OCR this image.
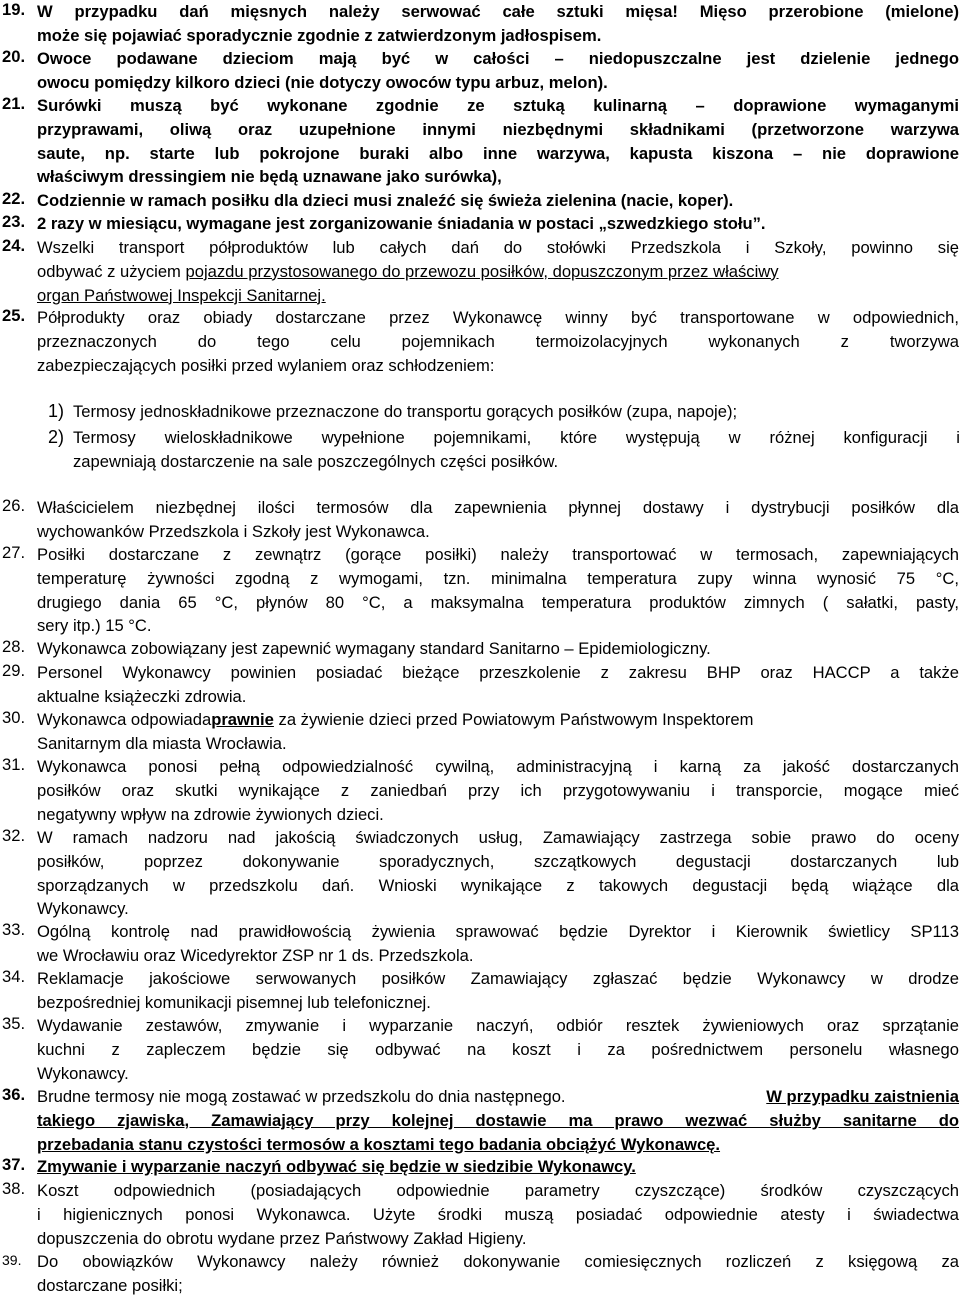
19. W przypadku dań mięsnych należy serwować całe sztuki mięsa! Mięso przerobione (mielone)
może się pojawiać sporadycznie zgodnie z zatwierdzonym jadłospisem.
20. Owoce podawane dzieciom mają być w całości – niedopuszczalne jest dzielenie jednego
owocu pomiędzy kilkoro dzieci (nie dotyczy owoców typu arbuz, melon).
21. Surówki muszą być wykonane zgodnie ze sztuką kulinarną – doprawione wymaganymi
przyprawami, oliwą oraz uzupełnione innymi niezbędnymi składnikami (przetworzone warzywa
saute, np. starte lub pokrojone buraki albo inne warzywa, kapusta kiszona – nie doprawione
właściwym dressingiem nie będą uznawane jako surówka),
22. Codziennie w ramach posiłku dla dzieci musi znaleźć się świeża zielenina (nacie, koper).
23. 2 razy w miesiącu, wymagane jest zorganizowanie śniadania w postaci „szwedzkiego stołu”.
24. Wszelki transport półproduktów lub całych dań do stołówki Przedszkola i Szkoły, powinno się
odbywać z użyciem pojazdu przystosowanego do przewozu posiłków, dopuszczonym przez właściwy
organ Państwowej Inspekcji Sanitarnej.
25. Półprodukty oraz obiady dostarczane przez Wykonawcę winny być transportowane w odpowiednich,
przeznaczonych do tego celu pojemnikach termoizolacyjnych wykonanych z tworzywa
zabezpieczających posiłki przed wylaniem oraz schłodzeniem:
1) Termosy jednoskładnikowe przeznaczone do transportu gorących posiłków (zupa, napoje);
2) Termosy wieloskładnikowe wypełnione pojemnikami, które występują w różnej konfiguracji i
zapewniają dostarczenie na sale poszczególnych części posiłków.
26. Właścicielem niezbędnej ilości termosów dla zapewnienia płynnej dostawy i dystrybucji posiłków dla
wychowanków Przedszkola i Szkoły jest Wykonawca.
27. Posiłki dostarczane z zewnątrz (gorące posiłki) należy transportować w termosach, zapewniających
temperaturę żywności zgodną z wymogami, tzn. minimalna temperatura zupy winna wynosić 75 °C,
drugiego dania 65 °C, płynów 80 °C, a maksymalna temperatura produktów zimnych ( sałatki, pasty,
sery itp.) 15 °C.
28. Wykonawca zobowiązany jest zapewnić wymagany standard Sanitarno – Epidemiologiczny.
29. Personel Wykonawcy powinien posiadać bieżące przeszkolenie z zakresu BHP oraz HACCP a także
aktualne książeczki zdrowia.
30. Wykonawca odpowiada prawnie za żywienie dzieci przed Powiatowym Państwowym Inspektorem
Sanitarnym dla miasta Wrocławia.
31. Wykonawca ponosi pełną odpowiedzialność cywilną, administracyjną i karną za jakość dostarczanych
posiłków oraz skutki wynikające z zaniedbań przy ich przygotowywaniu i transporcie, mogące mieć
negatywny wpływ na zdrowie żywionych dzieci.
32. W ramach nadzoru nad jakością świadczonych usług, Zamawiający zastrzega sobie prawo do oceny
posiłków, poprzez dokonywanie sporadycznych, szczątkowych degustacji dostarczanych lub
sporządzanych w przedszkolu dań. Wnioski wynikające z takowych degustacji będą wiążące dla
Wykonawcy.
33. Ogólną kontrolę nad prawidłowością żywienia sprawować będzie Dyrektor i Kierownik świetlicy SP113
we Wrocławiu oraz Wicedyrektor ZSP nr 1 ds. Przedszkola.
34. Reklamacje jakościowe serwowanych posiłków Zamawiający zgłaszać będzie Wykonawcy w drodze
bezpośredniej komunikacji pisemnej lub telefonicznej.
35. Wydawanie zestawów, zmywanie i wyparzanie naczyń, odbiór resztek żywieniowych oraz sprzątanie
kuchni z zapleczem będzie się odbywać na koszt i za pośrednictwem personelu własnego
Wykonawcy.
36. Brudne termosy nie mogą zostawać w przedszkolu do dnia następnego.	W przypadku zaistnienia
takiego zjawiska, Zamawiający przy kolejnej dostawie ma prawo wezwać służby sanitarne do
przebadania stanu czystości termosów a kosztami tego badania obciążyć Wykonawcę.
37. Zmywanie i wyparzanie naczyń odbywać się będzie w siedzibie Wykonawcy.
38. Koszt odpowiednich (posiadających odpowiednie parametry czyszczące) środków czyszczących
i higienicznych ponosi Wykonawca. Użyte środki muszą posiadać odpowiednie atesty i świadectwa
dopuszczenia do obrotu wydane przez Państwowy Zakład Higieny.
39. Do obowiązków Wykonawcy należy również dokonywanie comiesięcznych rozliczeń z księgową za
dostarczane posiłki;
